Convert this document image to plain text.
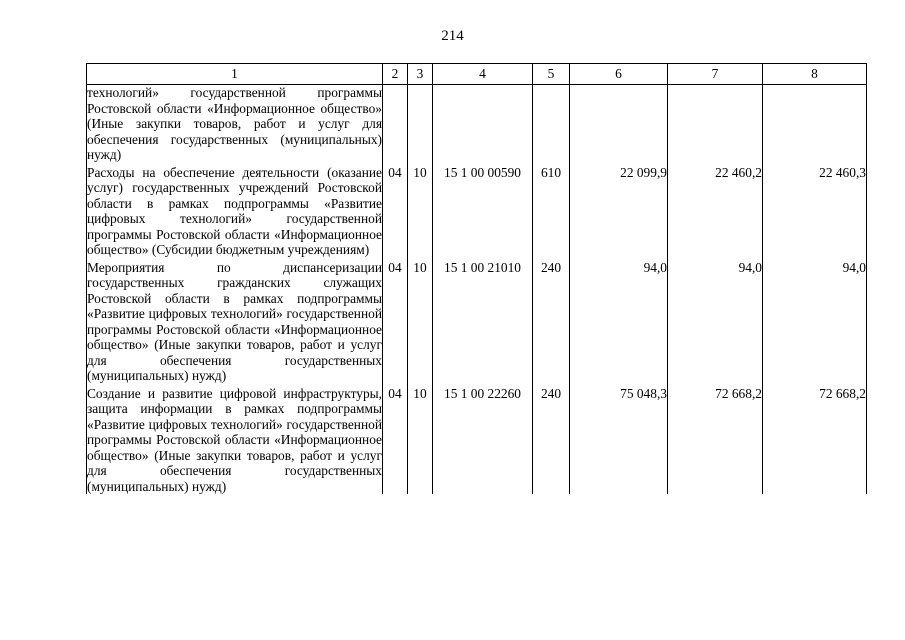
214
1	2	3	4	5	6	7	8
технологий» государственной программы Ростовской области «Информационное общество» (Иные закупки товаров, работ и услуг для обеспечения государственных (муниципальных) нужд)							
Расходы на обеспечение деятельности (оказание услуг) государственных учреждений Ростовской области в рамках подпрограммы «Развитие цифровых технологий» государственной программы Ростовской области «Информационное общество» (Субсидии бюджетным учреждениям)	04	10	15 1 00 00590	610	22 099,9	22 460,2	22 460,3
Мероприятия по диспансеризации государственных гражданских служащих Ростовской области в рамках подпрограммы «Развитие цифровых технологий» государственной программы Ростовской области «Информационное общество» (Иные закупки товаров, работ и услуг для обеспечения государственных (муниципальных) нужд)	04	10	15 1 00 21010	240	94,0	94,0	94,0
Создание и развитие цифровой инфраструктуры, защита информации в рамках подпрограммы «Развитие цифровых технологий» государственной программы Ростовской области «Информационное общество» (Иные закупки товаров, работ и услуг для обеспечения государственных (муниципальных) нужд)	04	10	15 1 00 22260	240	75 048,3	72 668,2	72 668,2
